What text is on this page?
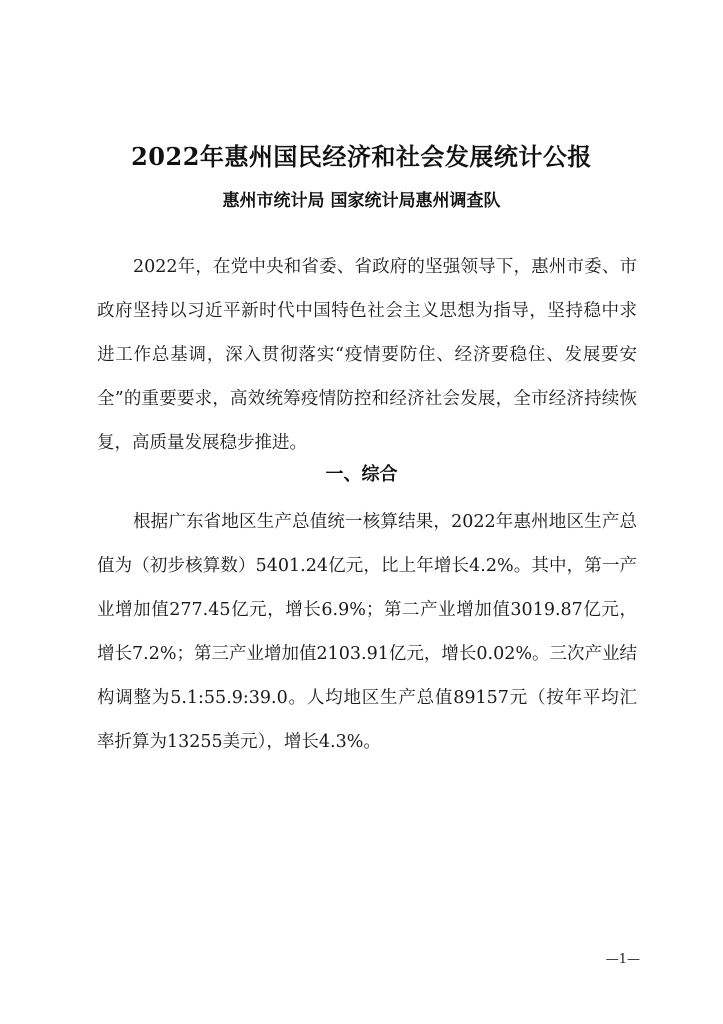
2022年惠州国民经济和社会发展统计公报
惠州市统计局 国家统计局惠州调查队

2022年，在党中央和省委、省政府的坚强领导下，惠州市委、市政府坚持以习近平新时代中国特色社会主义思想为指导，坚持稳中求进工作总基调，深入贯彻落实“疫情要防住、经济要稳住、发展要安全”的重要要求，高效统筹疫情防控和经济社会发展，全市经济持续恢复，高质量发展稳步推进。

一、综合

根据广东省地区生产总值统一核算结果，2022年惠州地区生产总值为（初步核算数）5401.24亿元，比上年增长4.2%。其中，第一产业增加值277.45亿元，增长6.9%；第二产业增加值3019.87亿元，增长7.2%；第三产业增加值2103.91亿元，增长0.02%。三次产业结构调整为5.1:55.9:39.0。人均地区生产总值89157元（按年平均汇率折算为13255美元），增长4.3%。

—1—
